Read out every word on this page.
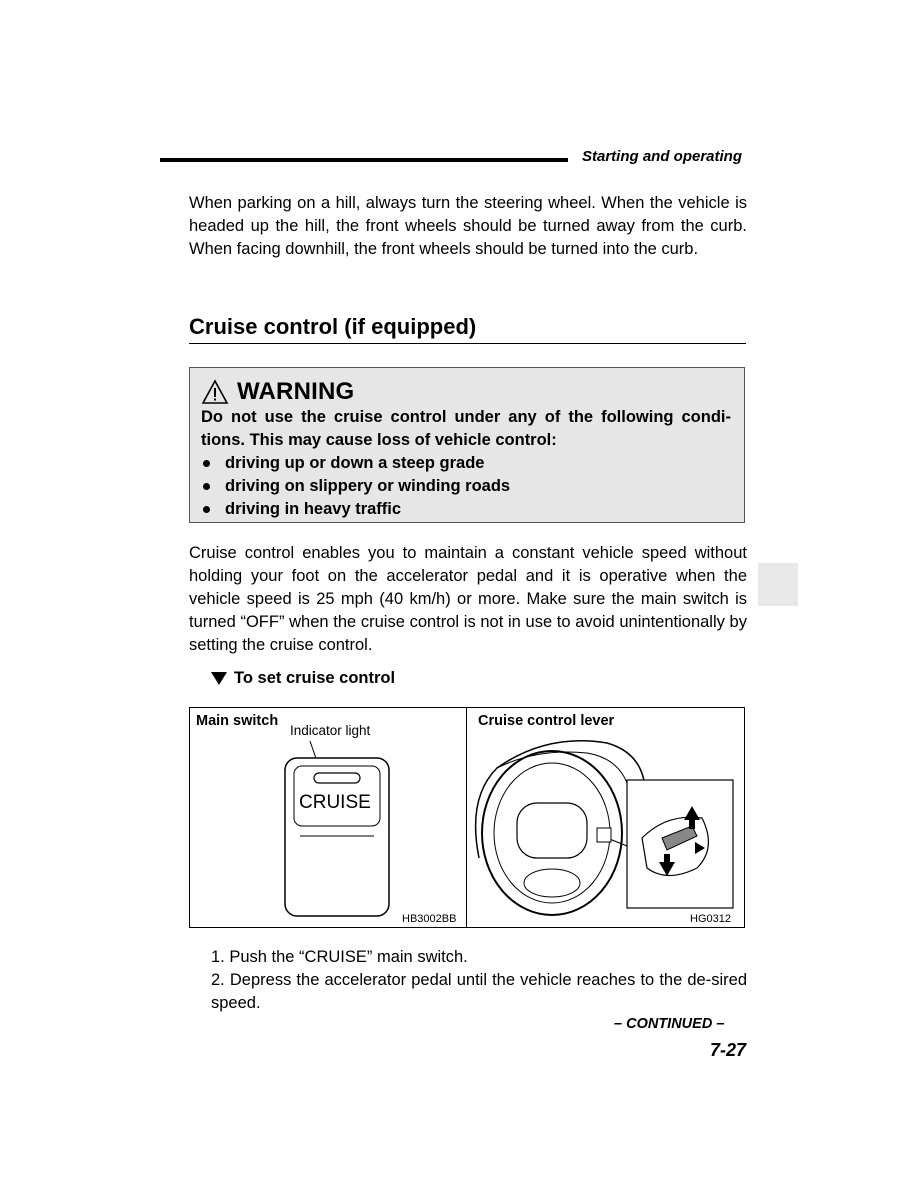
Starting and operating
When parking on a hill, always turn the steering wheel. When the vehicle is headed up the hill, the front wheels should be turned away from the curb. When facing downhill, the front wheels should be turned into the curb.
Cruise control (if equipped)
WARNING
Do not use the cruise control under any of the following condi-tions. This may cause loss of vehicle control:
driving up or down a steep grade
driving on slippery or winding roads
driving in heavy traffic
Cruise control enables you to maintain a constant vehicle speed without holding your foot on the accelerator pedal and it is operative when the vehicle speed is 25 mph (40 km/h) or more. Make sure the main switch is turned “OFF” when the cruise control is not in use to avoid unintentionally by setting the cruise control.
To set cruise control
Main switch
Indicator light
CRUISE
HB3002BB
Cruise control lever
HG0312

1. Push the “CRUISE” main switch.

2. Depress the accelerator pedal until the vehicle reaches to the de-sired speed.

– CONTINUED –
7-27
